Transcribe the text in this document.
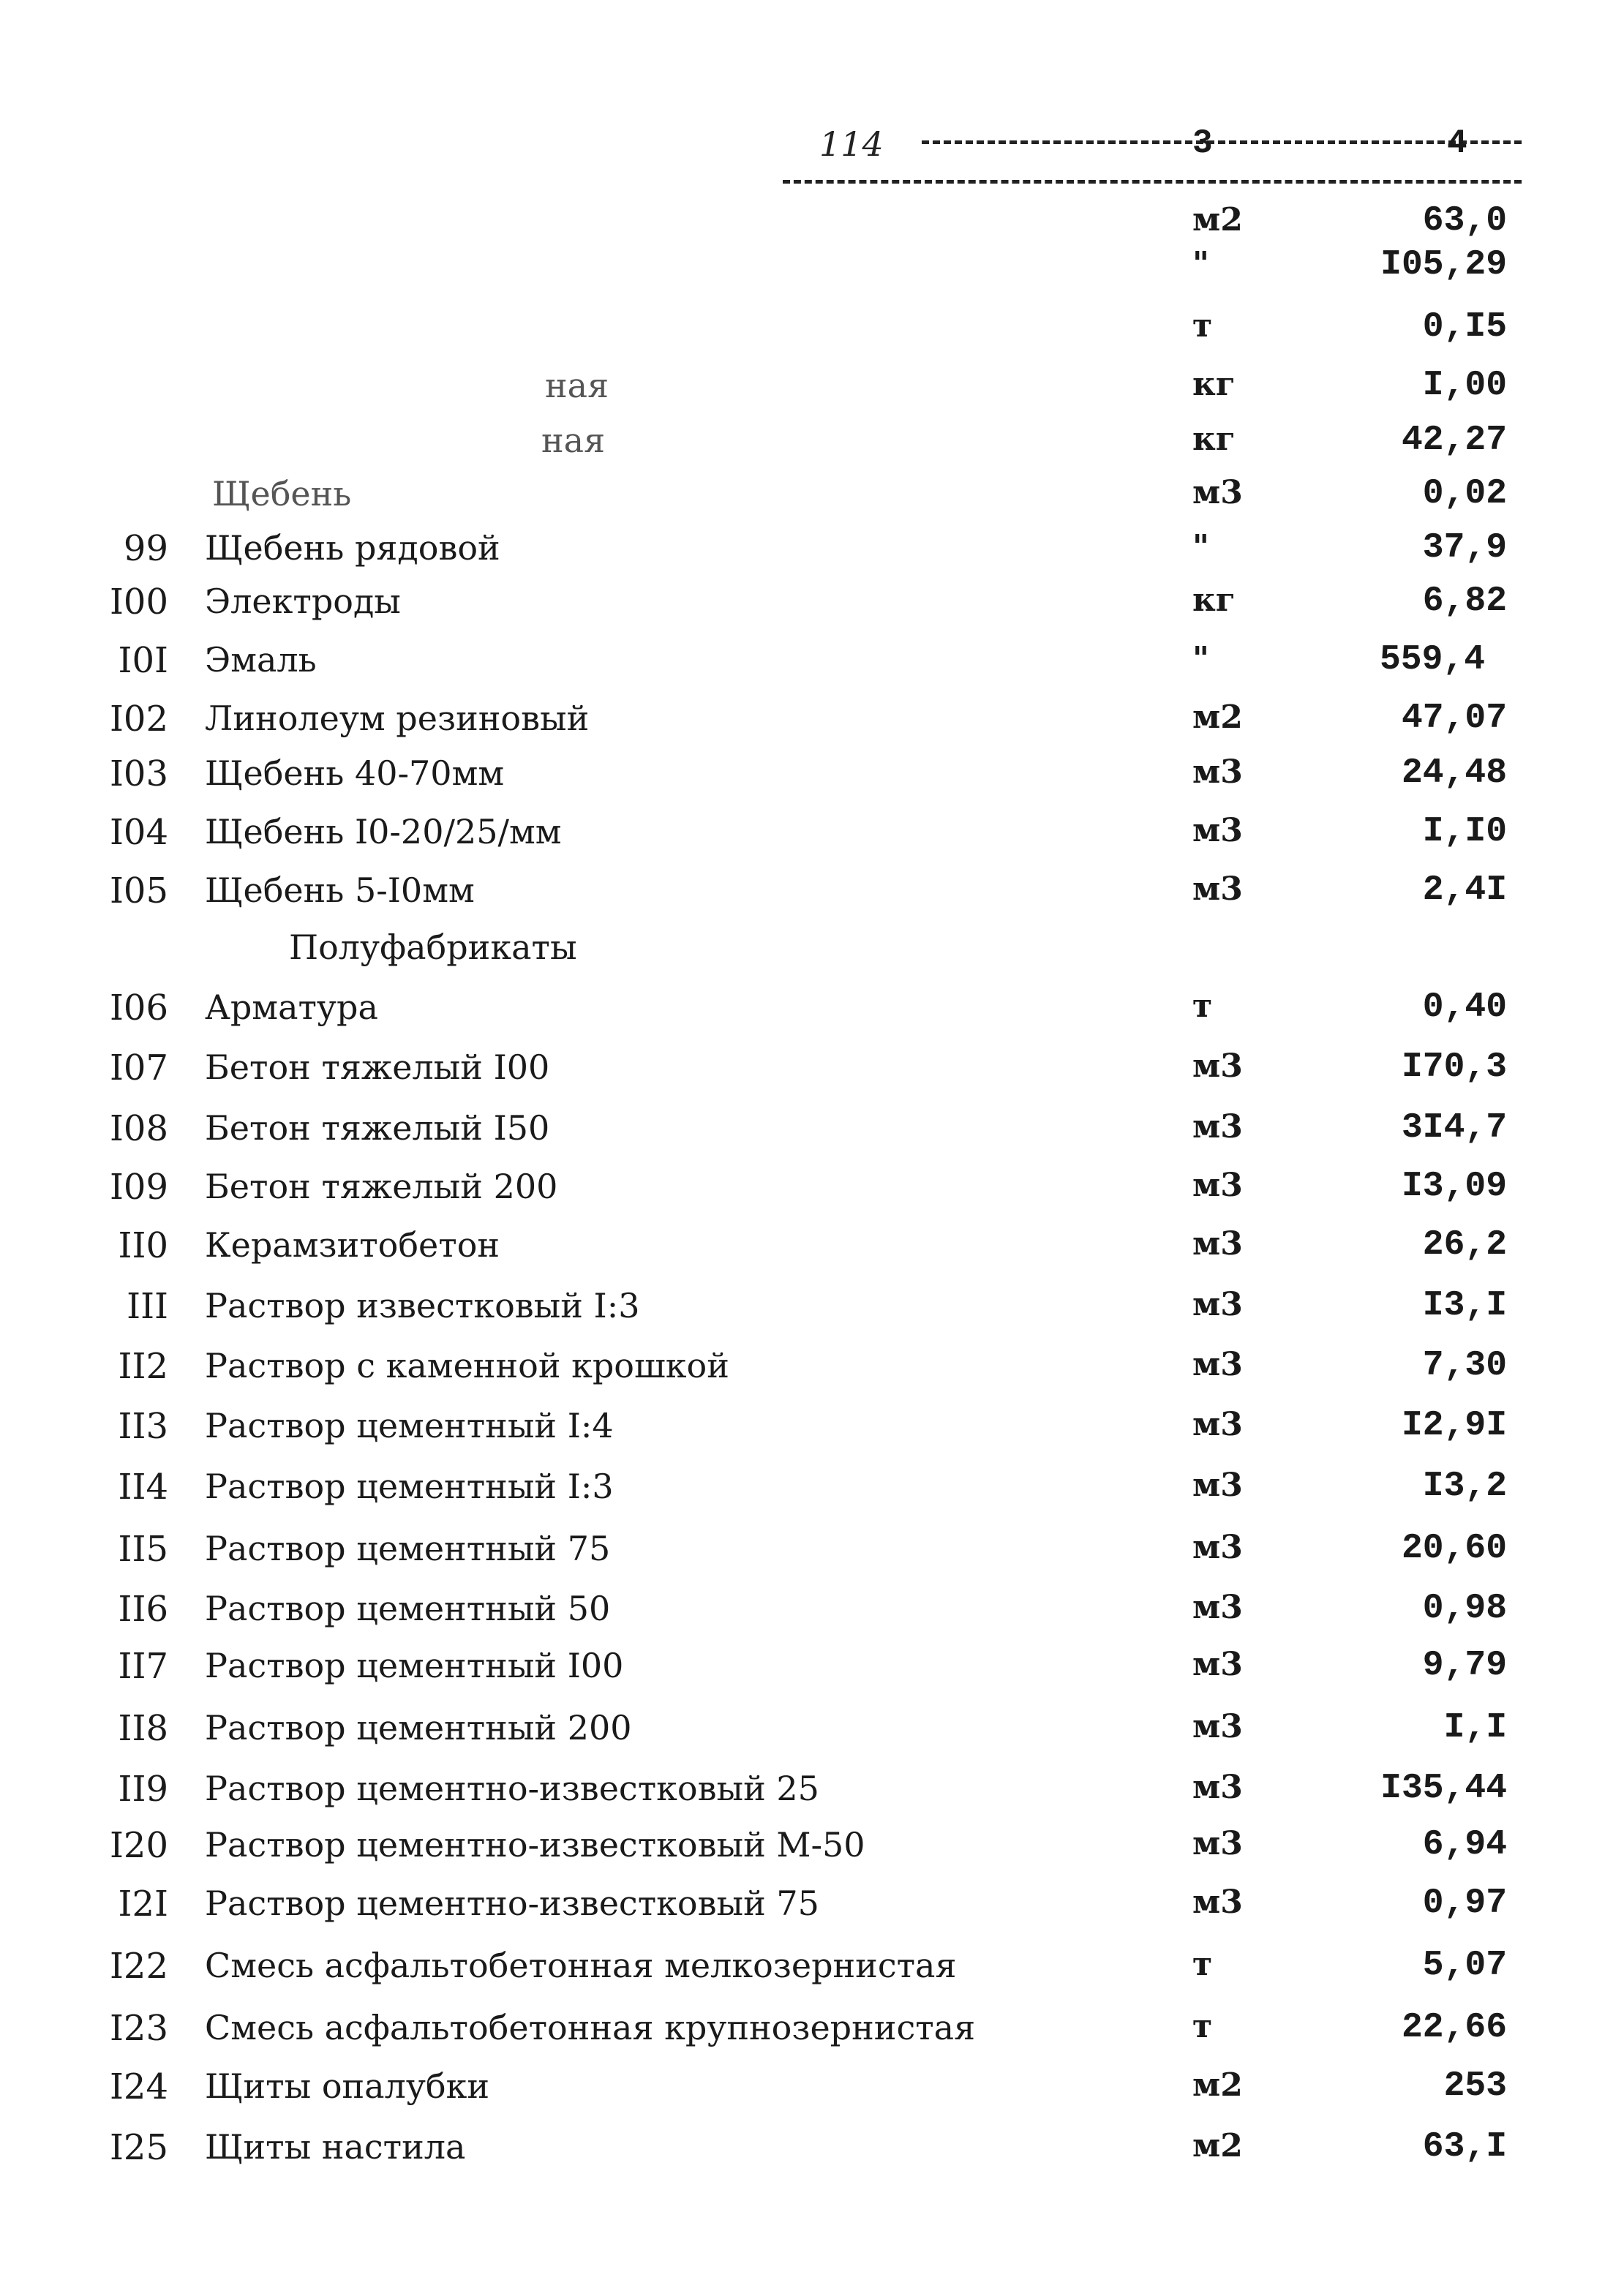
114	3	4
м2	63,0
"	I05,29
т	0,I5
ная	кг	I,00
ная	кг	42,27
Щебень	м3	0,02
99 Щебень рядовой	"	37,9
I00 Электроды	кг	6,82
I0I Эмаль	"	559,4
I02 Линолеум резиновый	м2	47,07
I03 Щебень 40-70мм	м3	24,48
I04 Щебень I0-20/25/мм	м3	I,I0
I05 Щебень 5-I0мм	м3	2,4I
Полуфабрикаты
I06 Арматура	т	0,40
I07 Бетон тяжелый I00	м3	I70,3
I08 Бетон тяжелый I50	м3	3I4,7
I09 Бетон тяжелый 200	м3	I3,09
II0 Керамзитобетон	м3	26,2
III Раствор известковый I:3	м3	I3,I
II2 Раствор с каменной крошкой	м3	7,30
II3 Раствор цементный I:4	м3	I2,9I
II4 Раствор цементный I:3	м3	I3,2
II5 Раствор цементный 75	м3	20,60
II6 Раствор цементный 50	м3	0,98
II7 Раствор цементный I00	м3	9,79
II8 Раствор цементный 200	м3	I,I
II9 Раствор цементно-известковый 25	м3	I35,44
I20 Раствор цементно-известковый М-50	м3	6,94
I2I Раствор цементно-известковый 75	м3	0,97
I22 Смесь асфальтобетонная мелкозернистая	т	5,07
I23 Смесь асфальтобетонная крупнозернистая	т	22,66
I24 Щиты опалубки	м2	253
I25 Щиты настила	м2	63,I
